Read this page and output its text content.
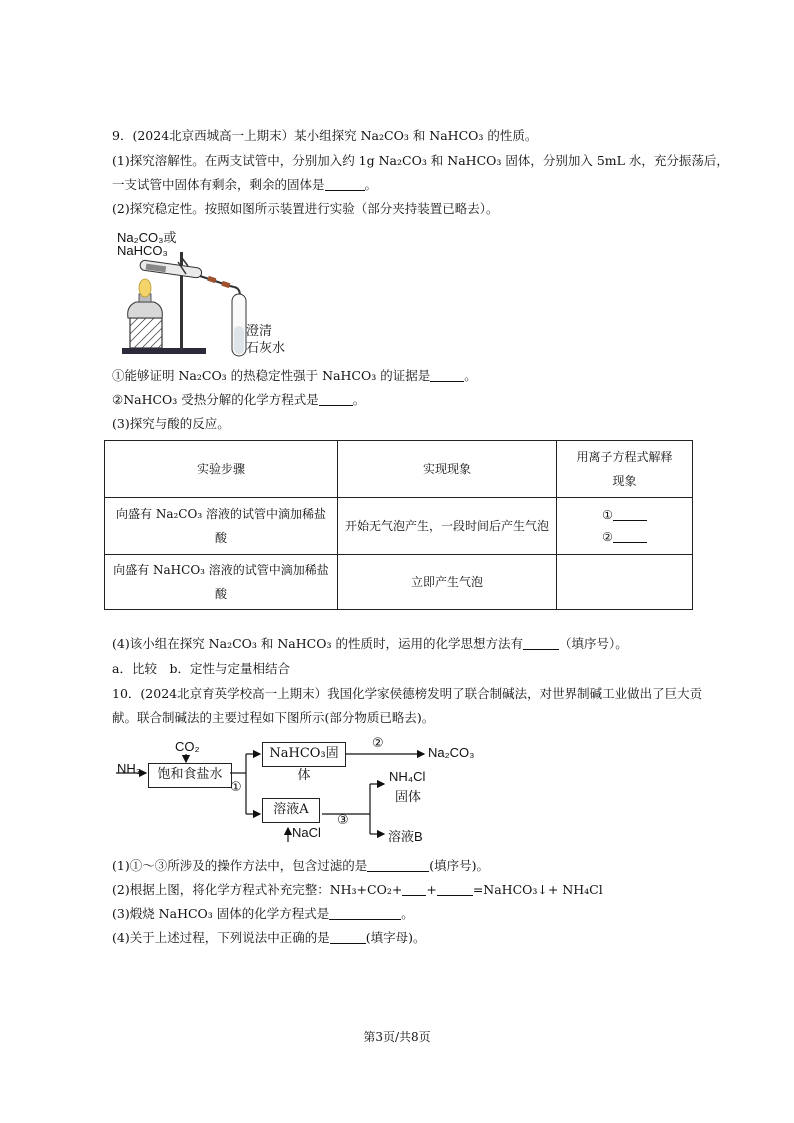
9．(2024北京西城高一上期末）某小组探究 Na₂CO₃ 和 NaHCO₃ 的性质。
(1)探究溶解性。在两支试管中，分别加入约 1g Na₂CO₃ 和 NaHCO₃ 固体，分别加入 5mL 水，充分振荡后，
一支试管中固体有剩余，剩余的固体是	。
(2)探究稳定性。按照如图所示装置进行实验（部分夹持装置已略去）。
Na₂CO₃或
NaHCO₃
澄清
石灰水
①能够证明 Na₂CO₃ 的热稳定性强于 NaHCO₃ 的证据是	。
②NaHCO₃ 受热分解的化学方程式是	。
(3)探究与酸的反应。
实验步骤	实现现象	用离子方程式解释现象
向盛有 Na₂CO₃ 溶液的试管中滴加稀盐酸	开始无气泡产生，一段时间后产生气泡	①
②

向盛有 NaHCO₃ 溶液的试管中滴加稀盐酸	立即产生气泡	
(4)该小组在探究 Na₂CO₃ 和 NaHCO₃ 的性质时，运用的化学思想方法有	（填序号）。
a．比较　b．定性与定量相结合
10．(2024北京育英学校高一上期末）我国化学家侯德榜发明了联合制碱法，对世界制碱工业做出了巨大贡
献。联合制碱法的主要过程如下图所示(部分物质已略去)。
NH₃
CO₂
饱和食盐水
NaHCO₃固体
②
Na₂CO₃
①
溶液A
NaCl
③
NH₄Cl
固体
溶液B
(1)①～③所涉及的操作方法中，包含过滤的是	(填序号)。
(2)根据上图，将化学方程式补充完整：NH₃+CO₂+ +	=NaHCO₃↓+ NH₄Cl
(3)煅烧 NaHCO₃ 固体的化学方程式是	。
(4)关于上述过程，下列说法中正确的是	(填字母)。
第3页/共8页
